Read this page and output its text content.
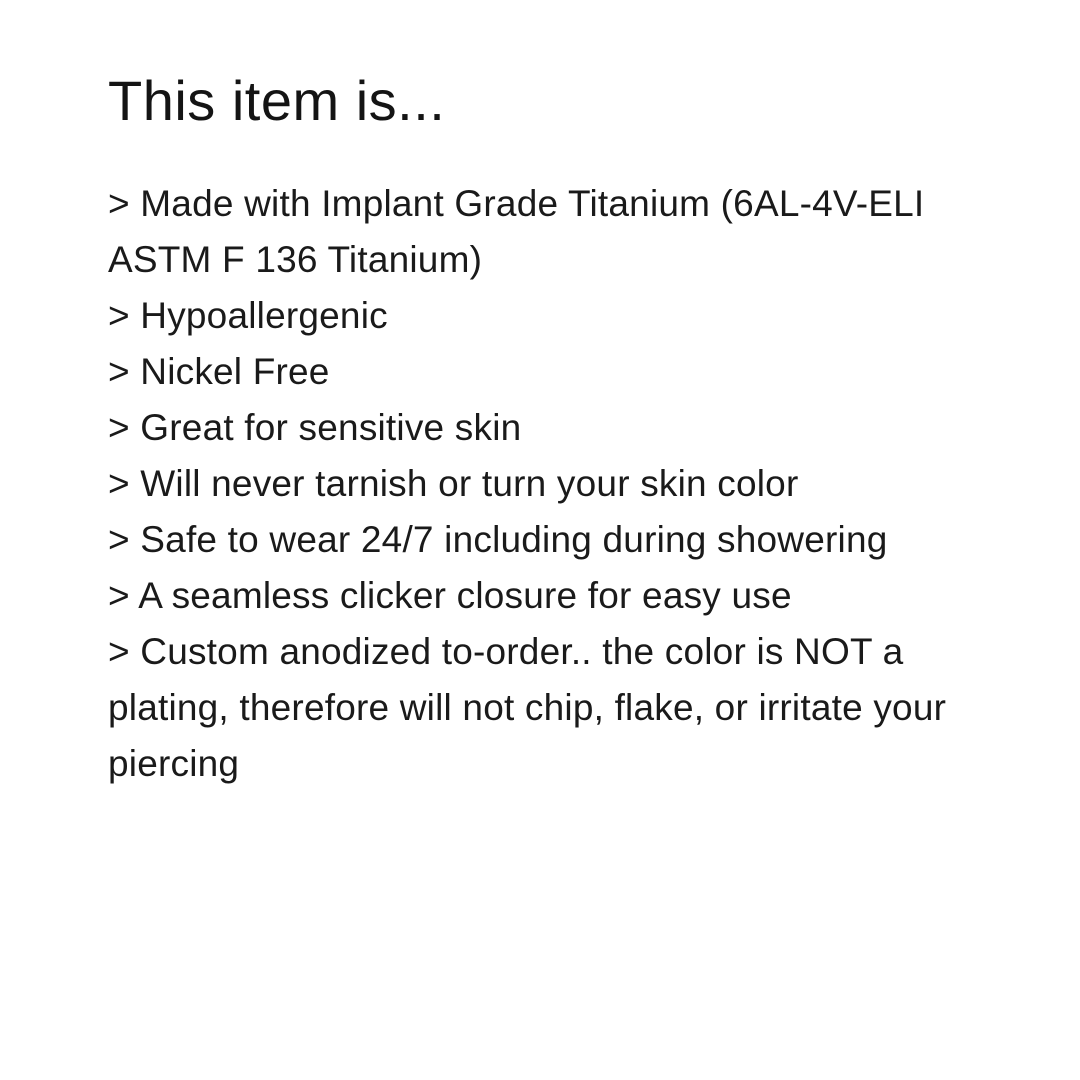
This item is...

> Made with Implant Grade Titanium (6AL-4V-ELI ASTM F 136 Titanium)

> Hypoallergenic

> Nickel Free

> Great for sensitive skin

> Will never tarnish or turn your skin color

> Safe to wear 24/7 including during showering

> A seamless clicker closure for easy use

> Custom anodized to-order.. the color is NOT a plating, therefore will not chip, flake, or irritate your piercing
